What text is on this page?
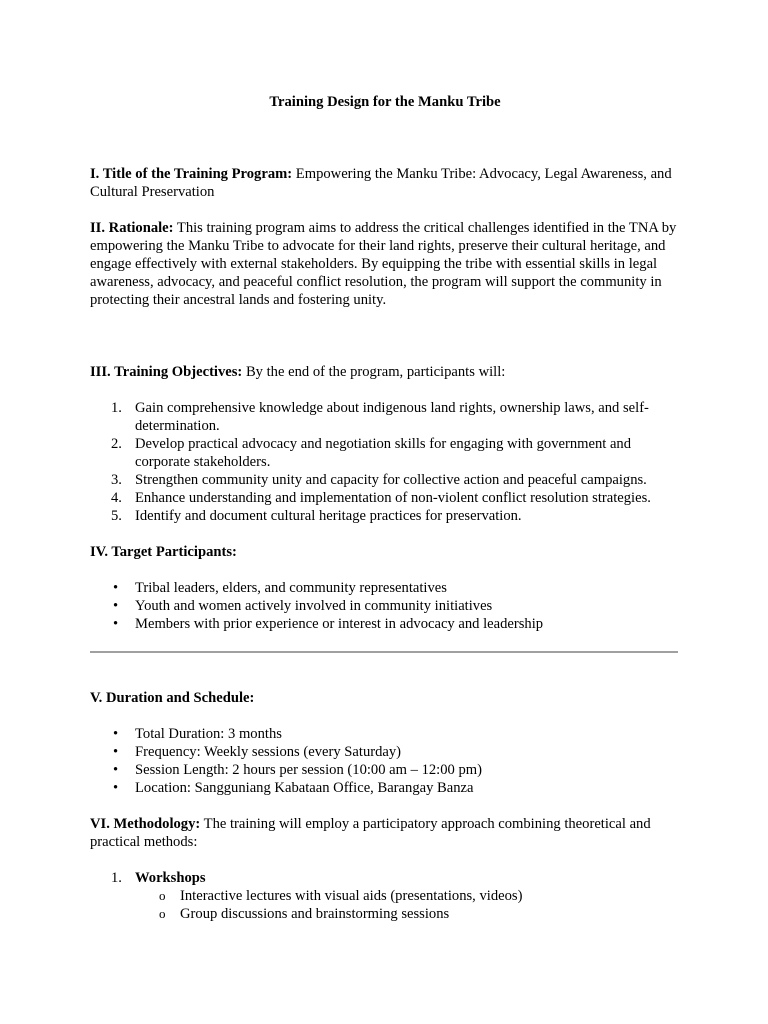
Training Design for the Manku Tribe

I. Title of the Training Program: Empowering the Manku Tribe: Advocacy, Legal Awareness, and Cultural Preservation

II. Rationale: This training program aims to address the critical challenges identified in the TNA by empowering the Manku Tribe to advocate for their land rights, preserve their cultural heritage, and engage effectively with external stakeholders. By equipping the tribe with essential skills in legal awareness, advocacy, and peaceful conflict resolution, the program will support the community in protecting their ancestral lands and fostering unity.

III. Training Objectives: By the end of the program, participants will:

1. Gain comprehensive knowledge about indigenous land rights, ownership laws, and self-determination.
2. Develop practical advocacy and negotiation skills for engaging with government and corporate stakeholders.
3. Strengthen community unity and capacity for collective action and peaceful campaigns.
4. Enhance understanding and implementation of non-violent conflict resolution strategies.
5. Identify and document cultural heritage practices for preservation.

IV. Target Participants:

• Tribal leaders, elders, and community representatives
• Youth and women actively involved in community initiatives
• Members with prior experience or interest in advocacy and leadership

V. Duration and Schedule:

• Total Duration: 3 months
• Frequency: Weekly sessions (every Saturday)
• Session Length: 2 hours per session (10:00 am – 12:00 pm)
• Location: Sangguniang Kabataan Office, Barangay Banza

VI. Methodology: The training will employ a participatory approach combining theoretical and practical methods:

1. Workshops
o Interactive lectures with visual aids (presentations, videos)
o Group discussions and brainstorming sessions
